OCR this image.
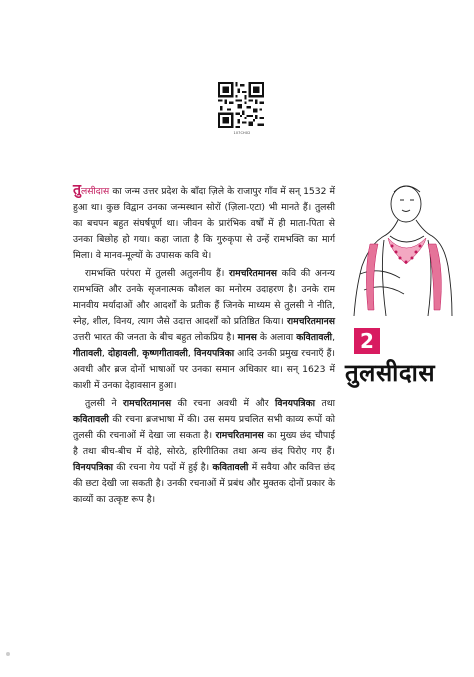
107CH02

तुलसीदास का जन्म उत्तर प्रदेश के बाँदा ज़िले के राजापुर गाँव में सन् 1532 में हुआ था। कुछ विद्वान उनका जन्मस्थान सोरों (ज़िला-एटा) भी मानते हैं। तुलसी का बचपन बहुत संघर्षपूर्ण था। जीवन के प्रारंभिक वर्षों में ही माता-पिता से उनका बिछोह हो गया। कहा जाता है कि गुरुकृपा से उन्हें रामभक्ति का मार्ग मिला। वे मानव-मूल्यों के उपासक कवि थे।

रामभक्ति परंपरा में तुलसी अतुलनीय हैं। रामचरितमानस कवि की अनन्य रामभक्ति और उनके सृजनात्मक कौशल का मनोरम उदाहरण है। उनके राम मानवीय मर्यादाओं और आदर्शों के प्रतीक हैं जिनके माध्यम से तुलसी ने नीति, स्नेह, शील, विनय, त्याग जैसे उदात्त आदर्शों को प्रतिष्ठित किया। रामचरितमानस उत्तरी भारत की जनता के बीच बहुत लोकप्रिय है। मानस के अलावा कवितावली, गीतावली, दोहावली, कृष्णगीतावली, विनयपत्रिका आदि उनकी प्रमुख रचनाएँ हैं। अवधी और ब्रज दोनों भाषाओं पर उनका समान अधिकार था। सन् 1623 में काशी में उनका देहावसान हुआ।

तुलसी ने रामचरितमानस की रचना अवधी में और विनयपत्रिका तथा कवितावली की रचना ब्रजभाषा में की। उस समय प्रचलित सभी काव्य रूपों को तुलसी की रचनाओं में देखा जा सकता है। रामचरितमानस का मुख्य छंद चौपाई है तथा बीच-बीच में दोहे, सोरठे, हरिगीतिका तथा अन्य छंद पिरोए गए हैं। विनयपत्रिका की रचना गेय पदों में हुई है। कवितावली में सवैया और कवित्त छंद की छटा देखी जा सकती है। उनकी रचनाओं में प्रबंध और मुक्तक दोनों प्रकार के काव्यों का उत्कृष्ट रूप है।

2
तुलसीदास
